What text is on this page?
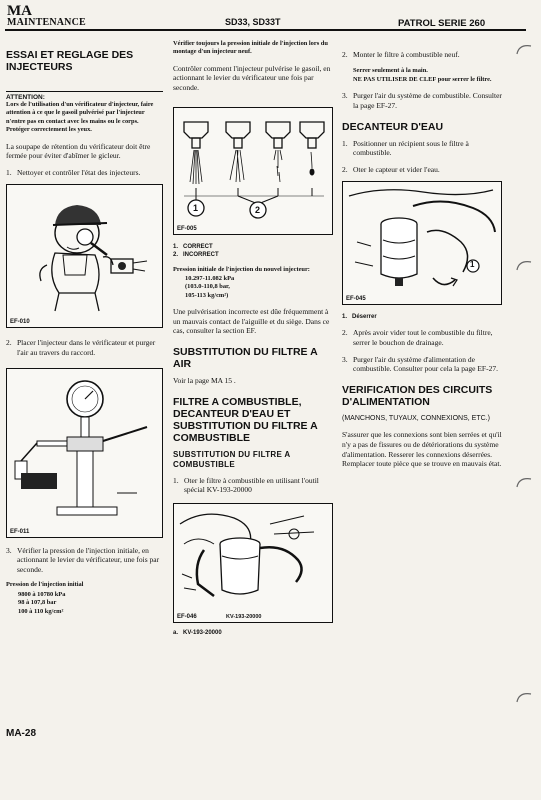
MA
MAINTENANCE	SD33, SD33T	PATROL SERIE 260
ESSAI ET REGLAGE DES INJECTEURS
ATTENTION:
Lors de l'utilisation d'un vérificateur d'injecteur, faire attention à ce que le gasoil pulvérisé par l'injecteur n'entre pas en contact avec les mains ou le corps. Protéger correctement les yeux.
La soupape de rétention du vérificateur doit être fermée pour éviter d'abîmer le gicleur.
1. Nettoyer et contrôler l'état des injecteurs.
EF-010
2. Placer l'injecteur dans le vérificateur et purger l'air au travers du raccord.
EF-011
3. Vérifier la pression de l'injection initiale, en actionnant le levier du vérificateur, une fois par seconde.
Pression de l'injection initial
9800 à 10780 kPa
98 à 107,8 bar
100 à 110 kg/cm²
Vérifier toujours la pression initiale de l'injection lors du montage d'un injecteur neuf.
Contrôler comment l'injecteur pulvérise le gasoil, en actionnant le levier du vérificateur une fois par seconde.
1	2
EF-005
1. CORRECT
2. INCORRECT
Pression initiale de l'injection du nouvel injecteur:
10.297-11.082 kPa
(103.0-110,8 bar,
105-113 kg/cm²)
Une pulvérisation incorrecte est dûe fréquemment à un mauvais contact de l'aiguille et du siège. Dans ce cas, consulter la section EF.
SUBSTITUTION DU FILTRE A AIR
Voir la page MA 15 .
FILTRE A COMBUSTIBLE, DECANTEUR D'EAU ET SUBSTITUTION DU FILTRE A COMBUSTIBLE
SUBSTITUTION DU FILTRE A COMBUSTIBLE
1. Oter le filtre à combustible en utilisant l'outil spécial KV-193-20000
EF-046	KV-193-20000
a. KV-193-20000
2. Monter le filtre à combustible neuf.
Serrer seulement à la main.
NE PAS UTILISER DE CLEF pour serrer le filtre.
3. Purger l'air du système de combustible. Consulter la page EF-27.
DECANTEUR D'EAU
1. Positionner un récipient sous le filtre à combustible.
2. Oter le capteur et vider l'eau.
1
EF-045
1. Déserrer
2. Après avoir vider tout le combustible du filtre, serrer le bouchon de drainage.
3. Purger l'air du système d'alimentation de combustible. Consulter pour cela la page EF-27.
VERIFICATION DES CIRCUITS D'ALIMENTATION
(MANCHONS, TUYAUX, CONNEXIONS, ETC.)
S'assurer que les connexions sont bien serrées et qu'il n'y a pas de fissures ou de détériorations du système d'alimentation. Resserer les connexions déserrées. Remplacer toute pièce que se trouve en mauvais état.
MA-28
